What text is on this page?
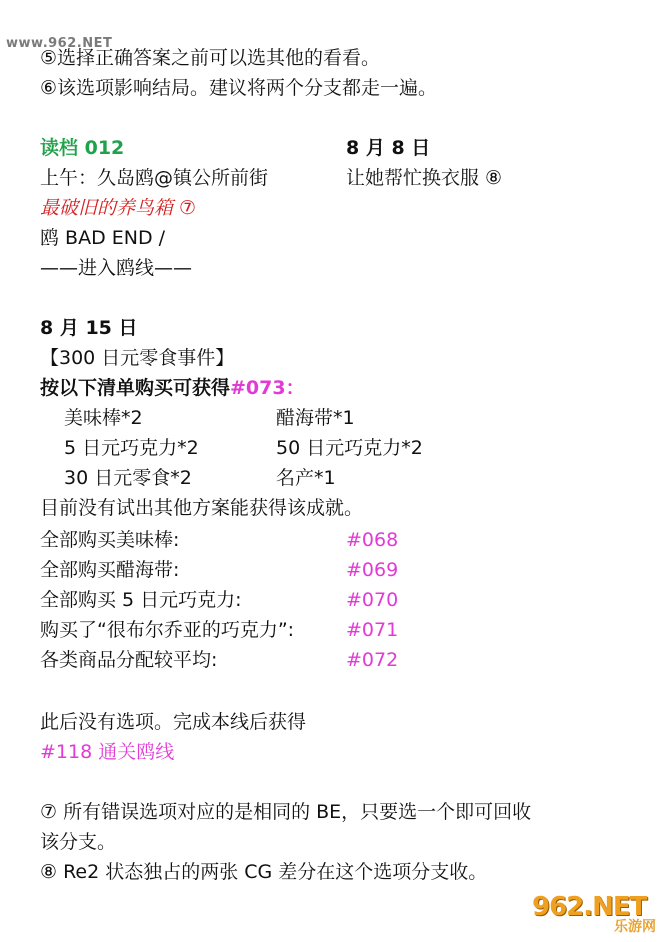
www.962.NET
⑤选择正确答案之前可以选其他的看看。
⑥该选项影响结局。建议将两个分支都走一遍。
读档 012	8 月 8 日
上午：久岛鸥@镇公所前街	让她帮忙换衣服 ⑧
最破旧的养鸟箱 ⑦
鸥 BAD END /
——进入鸥线——
8 月 15 日
【300 日元零食事件】
按以下清单购买可获得#073：
美味棒*2	醋海带*1
5 日元巧克力*2	50 日元巧克力*2
30 日元零食*2	名产*1
目前没有试出其他方案能获得该成就。
全部购买美味棒:	#068
全部购买醋海带:	#069
全部购买 5 日元巧克力:	#070
购买了“很布尔乔亚的巧克力”:	#071
各类商品分配较平均:	#072
此后没有选项。完成本线后获得
#118 通关鸥线
⑦ 所有错误选项对应的是相同的 BE，只要选一个即可回收
该分支。
⑧ Re2 状态独占的两张 CG 差分在这个选项分支收。
962.NET
乐游网
